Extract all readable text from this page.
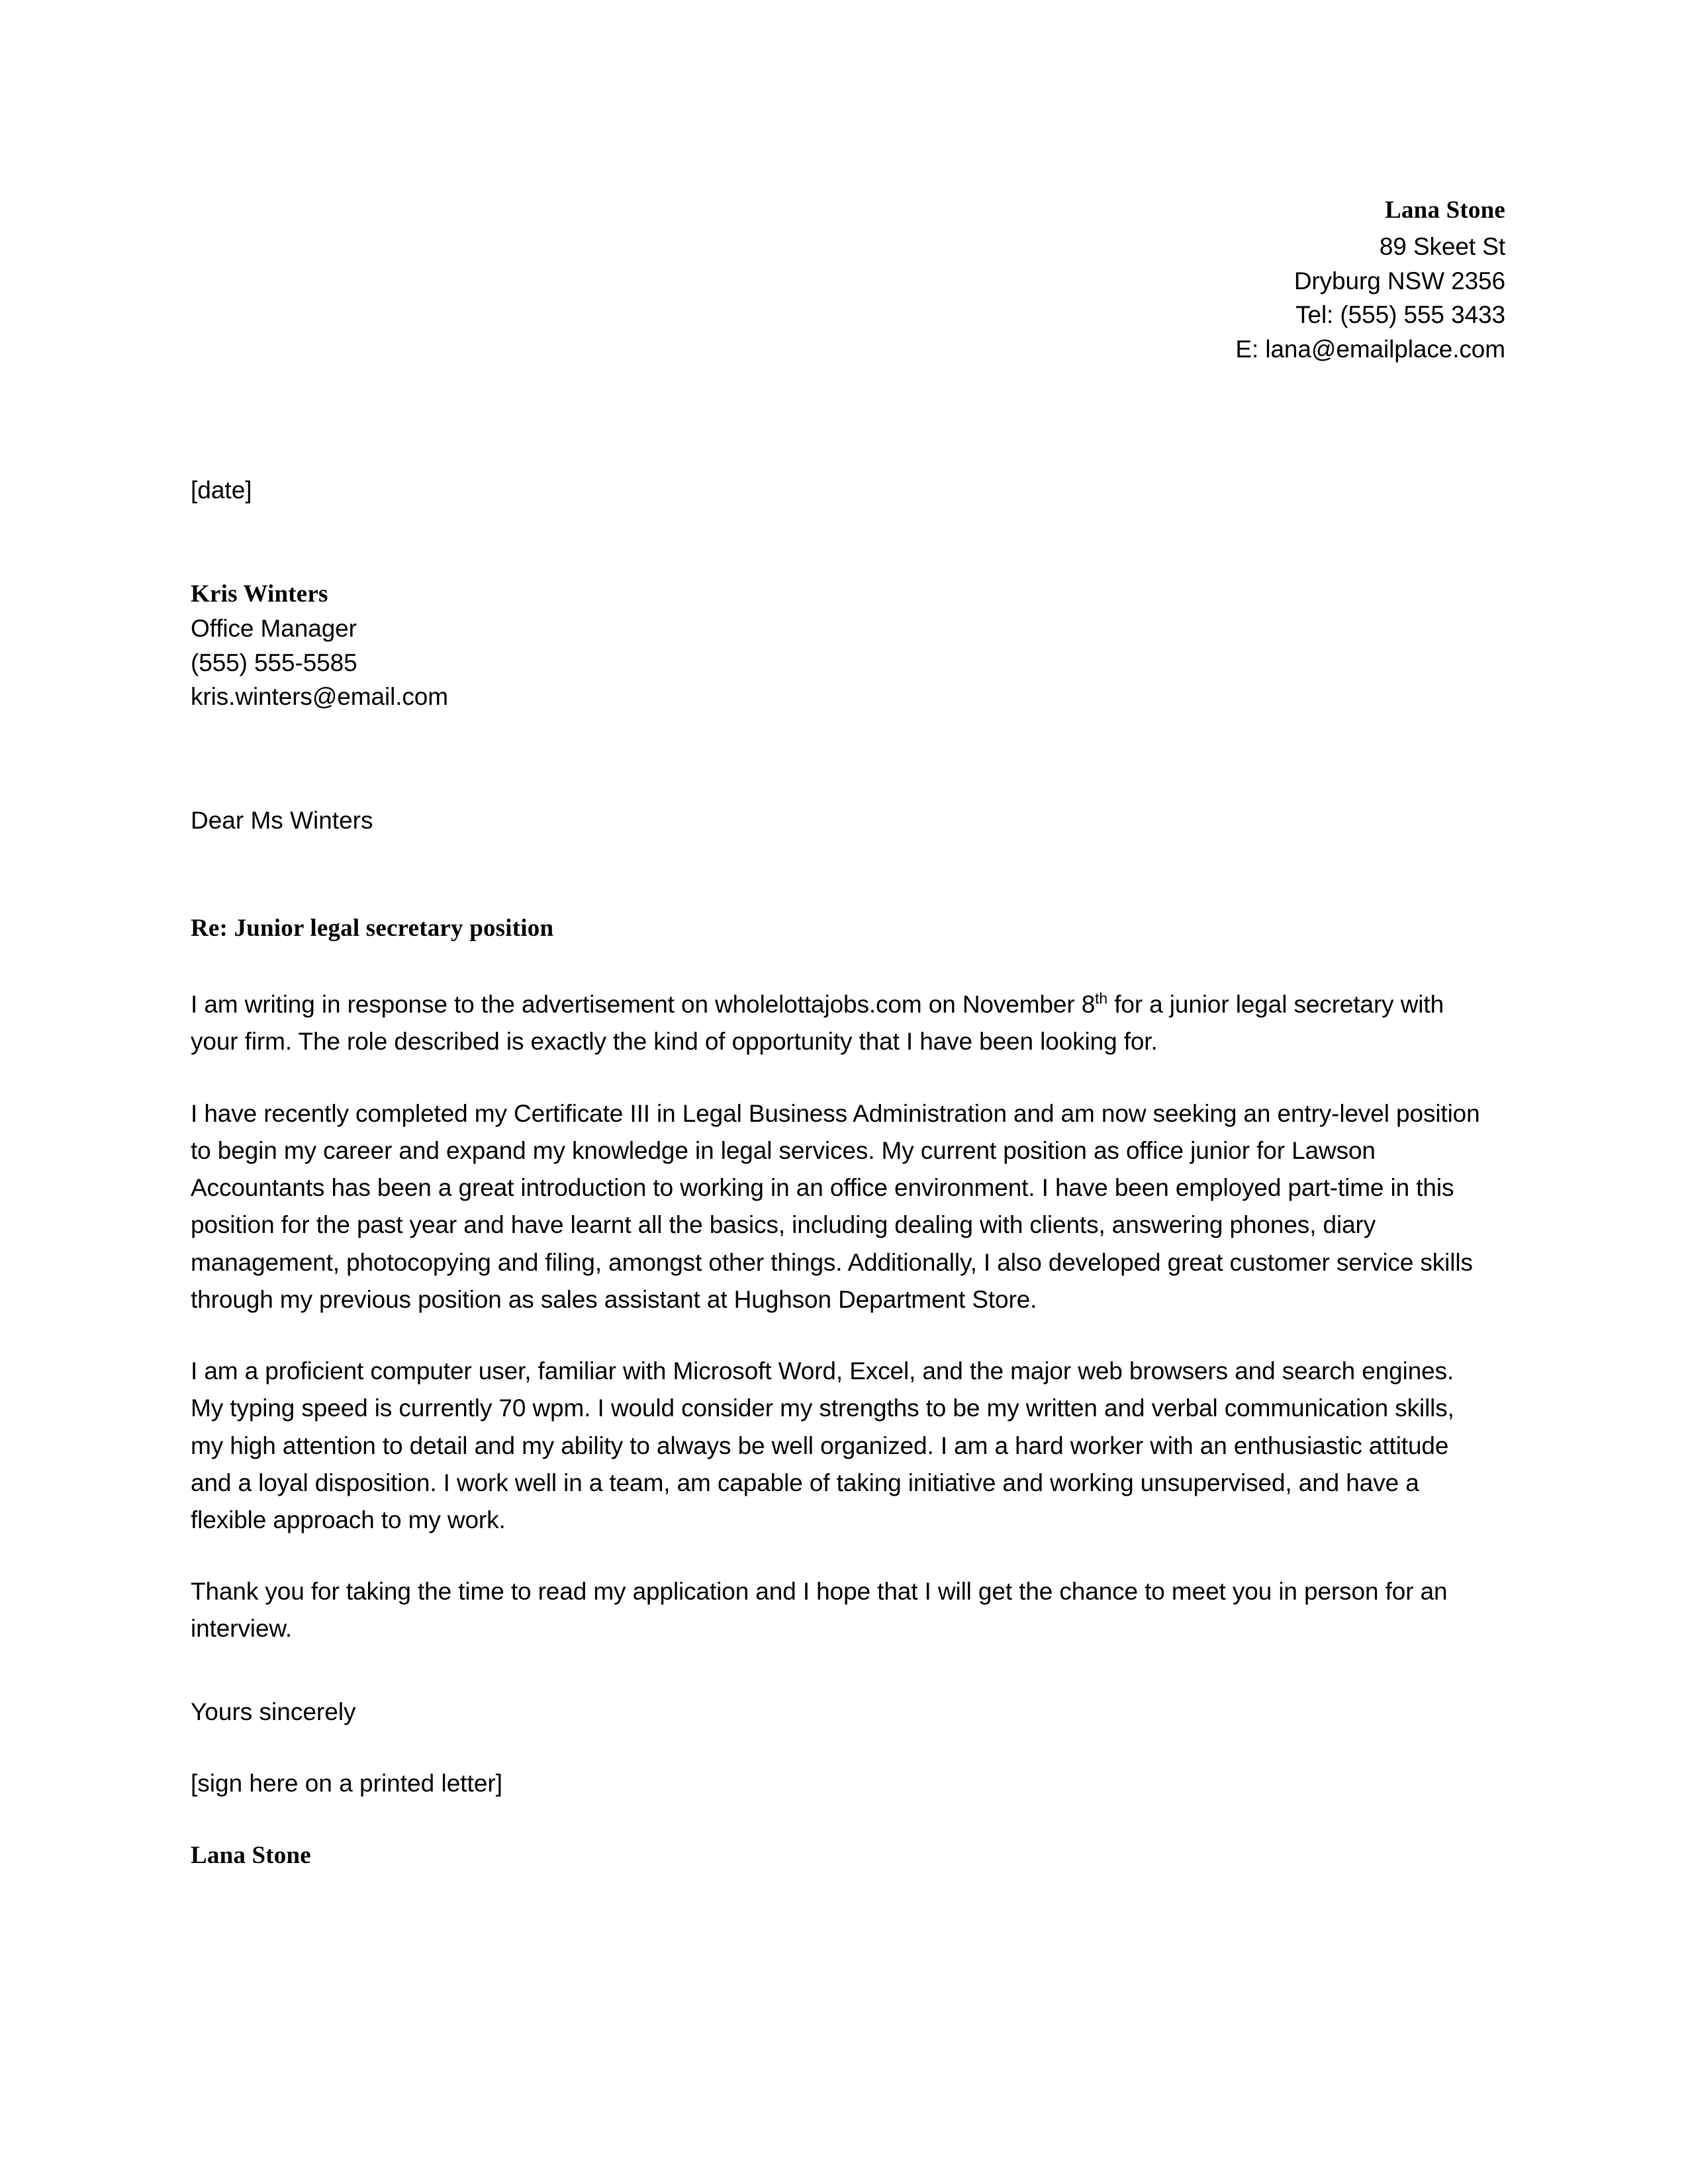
Lana Stone
89 Skeet St
Dryburg NSW 2356
Tel: (555) 555 3433
E: lana@emailplace.com
[date]
Kris Winters
Office Manager
(555) 555-5585
kris.winters@email.com
Dear Ms Winters
Re: Junior legal secretary position

I am writing in response to the advertisement on wholelottajobs.com on November 8th for a junior legal secretary with your firm. The role described is exactly the kind of opportunity that I have been looking for.

I have recently completed my Certificate III in Legal Business Administration and am now seeking an entry-level position to begin my career and expand my knowledge in legal services. My current position as office junior for Lawson Accountants has been a great introduction to working in an office environment. I have been employed part-time in this position for the past year and have learnt all the basics, including dealing with clients, answering phones, diary management, photocopying and filing, amongst other things. Additionally, I also developed great customer service skills through my previous position as sales assistant at Hughson Department Store.

I am a proficient computer user, familiar with Microsoft Word, Excel, and the major web browsers and search engines. My typing speed is currently 70 wpm. I would consider my strengths to be my written and verbal communication skills, my high attention to detail and my ability to always be well organized. I am a hard worker with an enthusiastic attitude and a loyal disposition. I work well in a team, am capable of taking initiative and working unsupervised, and have a flexible approach to my work.

Thank you for taking the time to read my application and I hope that I will get the chance to meet you in person for an interview.

Yours sincerely
[sign here on a printed letter]
Lana Stone
